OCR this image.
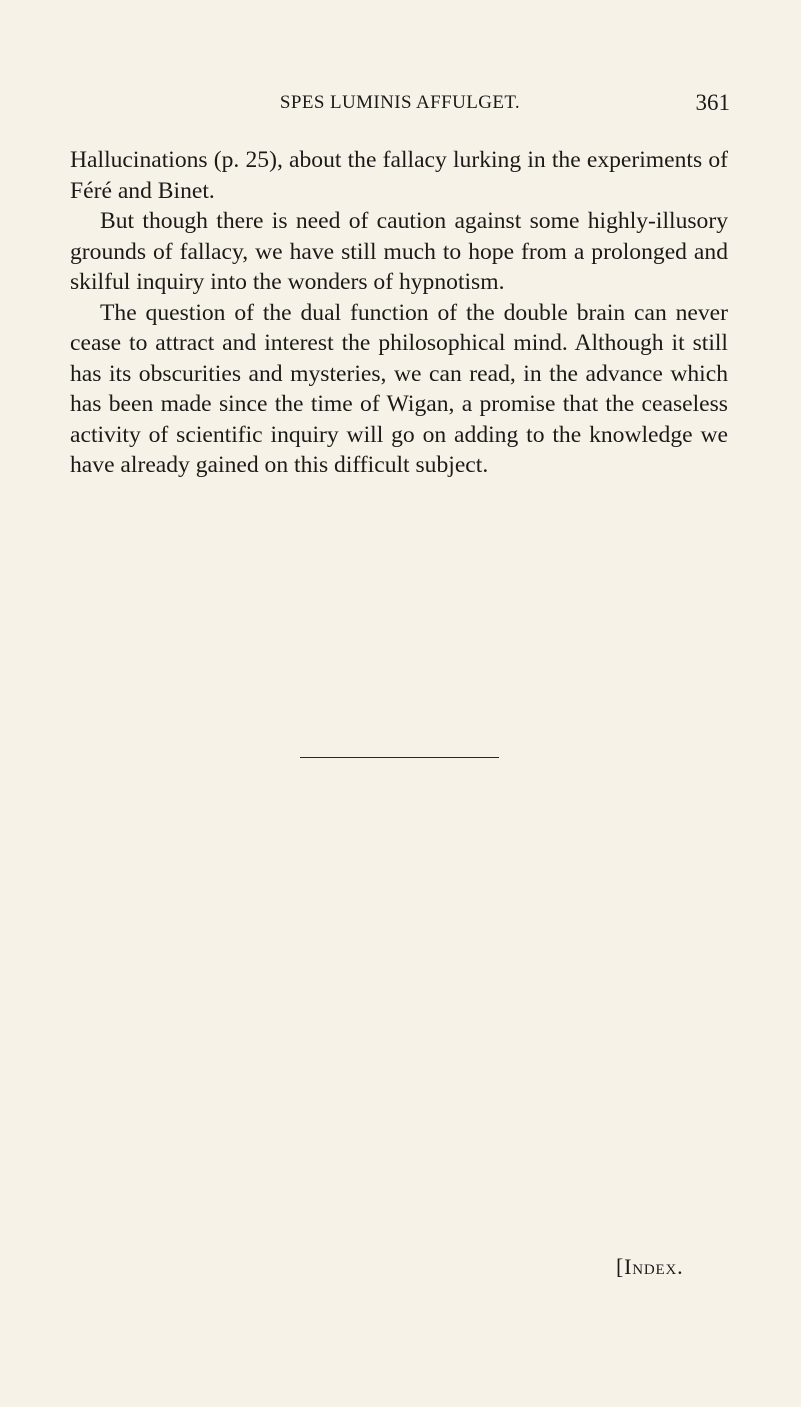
SPES LUMINIS AFFULGET.	361

Hallucinations (p. 25), about the fallacy lurking in the experiments of Féré and Binet.

But though there is need of caution against some highly-illusory grounds of fallacy, we have still much to hope from a prolonged and skilful inquiry into the wonders of hypnotism.

The question of the dual function of the double brain can never cease to attract and interest the philosophical mind. Although it still has its obscurities and mysteries, we can read, in the advance which has been made since the time of Wigan, a promise that the ceaseless activity of scientific inquiry will go on adding to the knowledge we have already gained on this difficult subject.

[Index.
